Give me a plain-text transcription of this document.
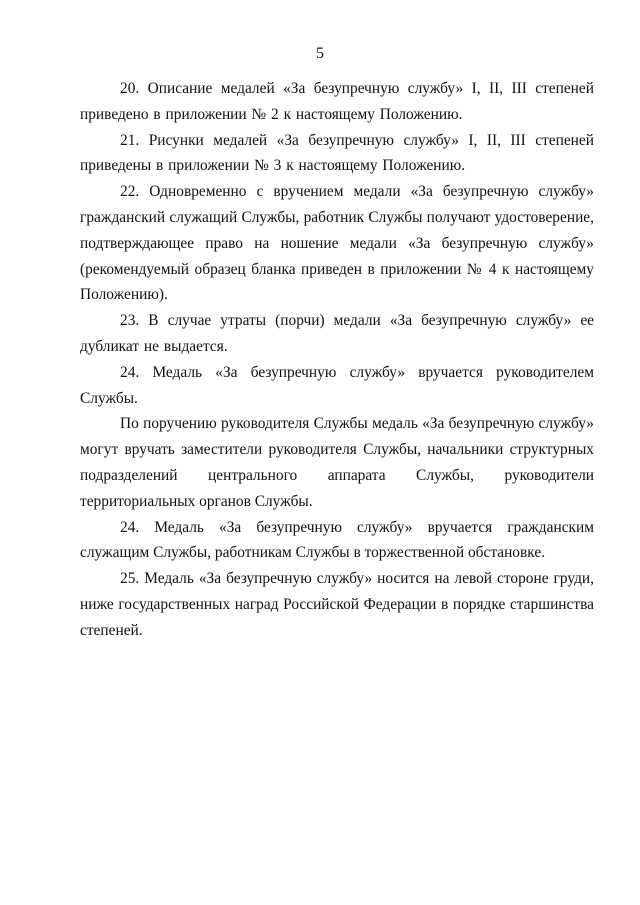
5

20. Описание медалей «За безупречную службу» I, II, III степеней приведено в приложении № 2 к настоящему Положению.

21. Рисунки медалей «За безупречную службу» I, II, III степеней приведены в приложении № 3 к настоящему Положению.

22. Одновременно с вручением медали «За безупречную службу» гражданский служащий Службы, работник Службы получают удостоверение, подтверждающее право на ношение медали «За безупречную службу» (рекомендуемый образец бланка приведен в приложении № 4 к настоящему Положению).

23. В случае утраты (порчи) медали «За безупречную службу» ее дубликат не выдается.

24. Медаль «За безупречную службу» вручается руководителем Службы.

По поручению руководителя Службы медаль «За безупречную службу» могут вручать заместители руководителя Службы, начальники структурных подразделений центрального аппарата Службы, руководители территориальных органов Службы.

24. Медаль «За безупречную службу» вручается гражданским служащим Службы, работникам Службы в торжественной обстановке.

25. Медаль «За безупречную службу» носится на левой стороне груди, ниже государственных наград Российской Федерации в порядке старшинства степеней.
